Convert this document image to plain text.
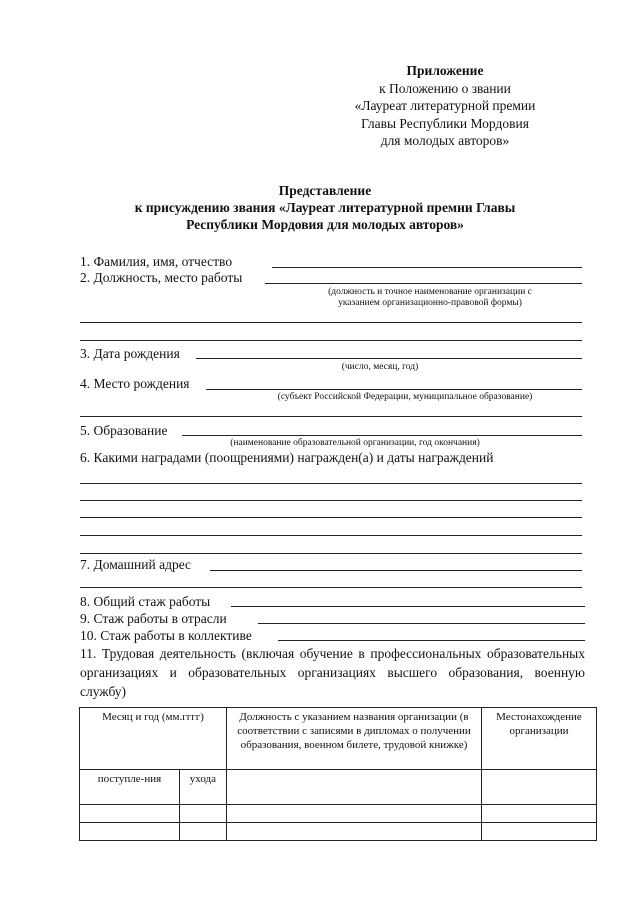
Приложение
к Положению о звании
«Лауреат литературной премии
Главы Республики Мордовия
для молодых авторов»
Представление
к присуждению звания «Лауреат литературной премии Главы
Республики Мордовия для молодых авторов»
1. Фамилия, имя, отчество
2. Должность, место работы
(должность и точное наименование организации с
указанием организационно-правовой формы)
3. Дата рождения
(число, месяц, год)
4. Место рождения
(субъект Российской Федерации, муниципальное образование)
5. Образование
(наименование образовательной организации, год окончания)
6. Какими наградами (поощрениями) награжден(а) и даты награждений
7. Домашний адрес
8. Общий стаж работы
9. Стаж работы в отрасли
10. Стаж работы в коллективе
11. Трудовая деятельность (включая обучение в профессиональных образовательных организациях и образовательных организациях высшего образования, военную службу)
Месяц и год (мм.гггг)		Должность с указанием названия организации (в соответствии с записями в дипломах о получении образования, военном билете, трудовой книжке)	Местонахождение организации
поступле-ния	ухода		
